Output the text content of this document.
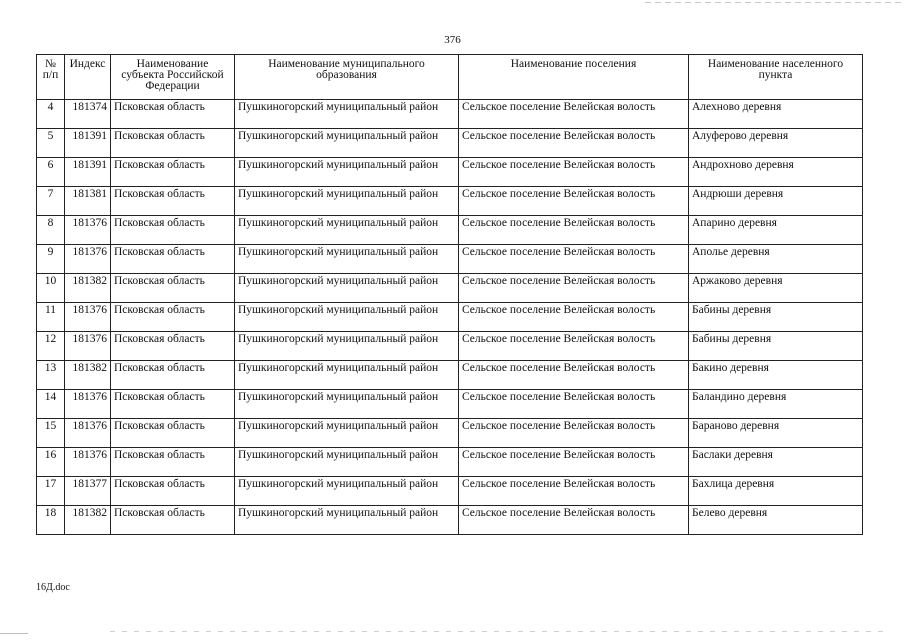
376
№ п/п	Индекс	Наименование субъекта Российской Федерации	Наименование муниципального образования	Наименование поселения	Наименование населенного пункта
4	181374	Псковская область	Пушкиногорский муниципальный район	Сельское поселение Велейская волость	Алехново деревня
5	181391	Псковская область	Пушкиногорский муниципальный район	Сельское поселение Велейская волость	Алуферово деревня
6	181391	Псковская область	Пушкиногорский муниципальный район	Сельское поселение Велейская волость	Андрохново деревня
7	181381	Псковская область	Пушкиногорский муниципальный район	Сельское поселение Велейская волость	Андрюши деревня
8	181376	Псковская область	Пушкиногорский муниципальный район	Сельское поселение Велейская волость	Апарино деревня
9	181376	Псковская область	Пушкиногорский муниципальный район	Сельское поселение Велейская волость	Аполье деревня
10	181382	Псковская область	Пушкиногорский муниципальный район	Сельское поселение Велейская волость	Аржаково деревня
11	181376	Псковская область	Пушкиногорский муниципальный район	Сельское поселение Велейская волость	Бабины деревня
12	181376	Псковская область	Пушкиногорский муниципальный район	Сельское поселение Велейская волость	Бабины деревня
13	181382	Псковская область	Пушкиногорский муниципальный район	Сельское поселение Велейская волость	Бакино деревня
14	181376	Псковская область	Пушкиногорский муниципальный район	Сельское поселение Велейская волость	Баландино деревня
15	181376	Псковская область	Пушкиногорский муниципальный район	Сельское поселение Велейская волость	Бараново деревня
16	181376	Псковская область	Пушкиногорский муниципальный район	Сельское поселение Велейская волость	Баслаки деревня
17	181377	Псковская область	Пушкиногорский муниципальный район	Сельское поселение Велейская волость	Бахлица деревня
18	181382	Псковская область	Пушкиногорский муниципальный район	Сельское поселение Велейская волость	Белево деревня
16Д.doc
